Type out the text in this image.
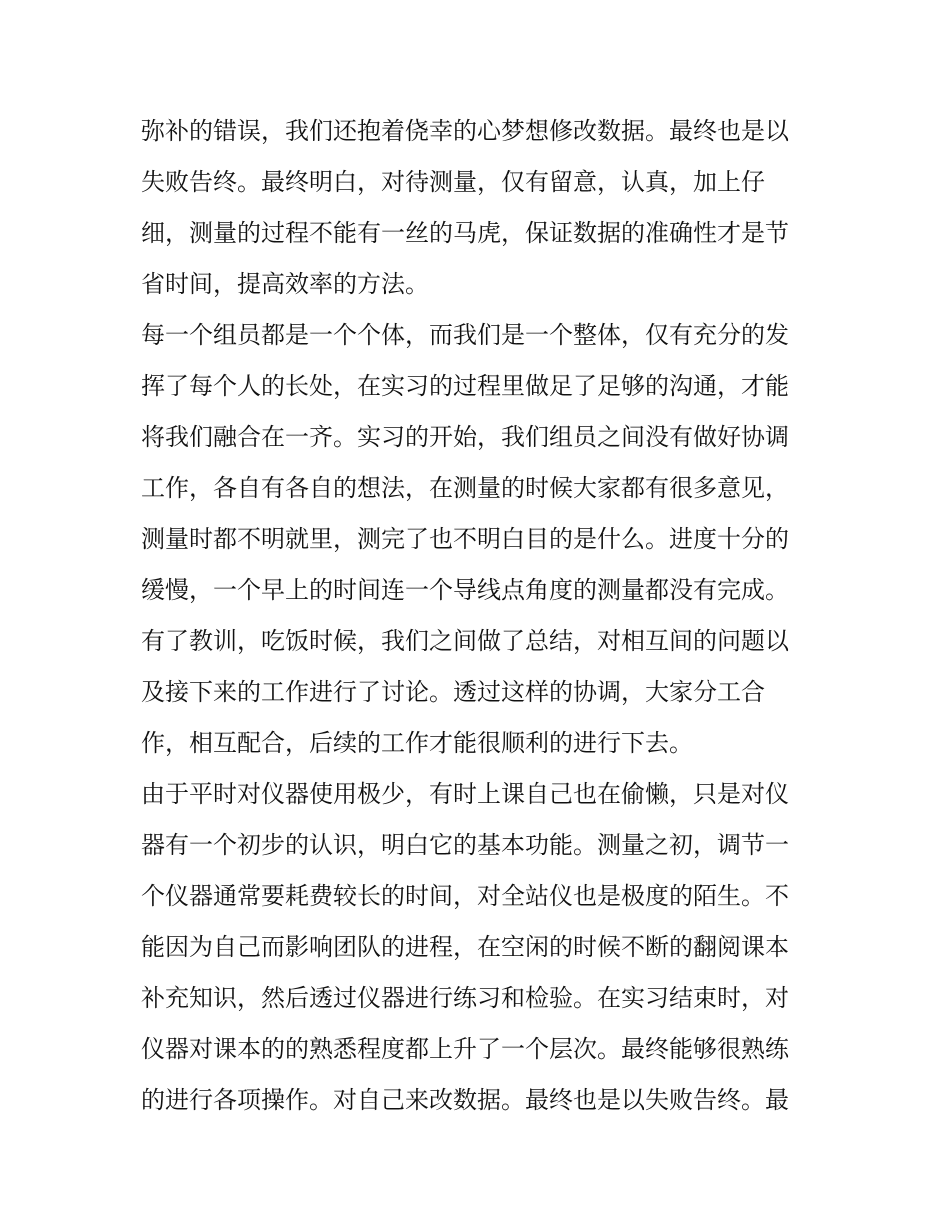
弥补的错误，我们还抱着侥幸的心梦想修改数据。最终也是以
失败告终。最终明白，对待测量，仅有留意，认真，加上仔
细，测量的过程不能有一丝的马虎，保证数据的准确性才是节
省时间，提高效率的方法。
每一个组员都是一个个体，而我们是一个整体，仅有充分的发
挥了每个人的长处，在实习的过程里做足了足够的沟通，才能
将我们融合在一齐。实习的开始，我们组员之间没有做好协调
工作，各自有各自的想法，在测量的时候大家都有很多意见，
测量时都不明就里，测完了也不明白目的是什么。进度十分的
缓慢，一个早上的时间连一个导线点角度的测量都没有完成。
有了教训，吃饭时候，我们之间做了总结，对相互间的问题以
及接下来的工作进行了讨论。透过这样的协调，大家分工合
作，相互配合，后续的工作才能很顺利的进行下去。
由于平时对仪器使用极少，有时上课自己也在偷懒，只是对仪
器有一个初步的认识，明白它的基本功能。测量之初，调节一
个仪器通常要耗费较长的时间，对全站仪也是极度的陌生。不
能因为自己而影响团队的进程，在空闲的时候不断的翻阅课本
补充知识，然后透过仪器进行练习和检验。在实习结束时，对
仪器对课本的的熟悉程度都上升了一个层次。最终能够很熟练
的进行各项操作。对自己来改数据。最终也是以失败告终。最
